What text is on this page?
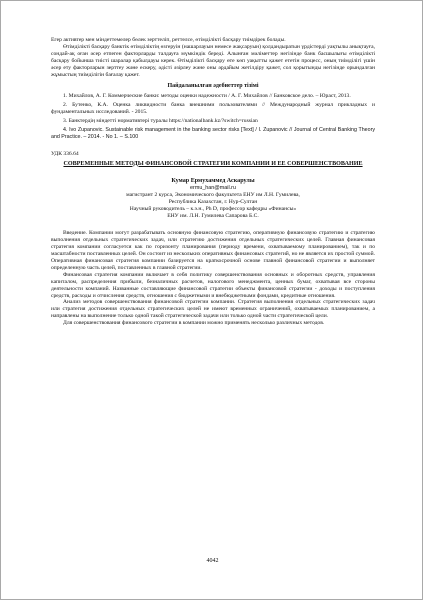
Егер активтер мен міндеттемелер бөлек зерттеліп, реттелсе, өтімділікті басқару тиімдірек болады.

Өтімділікті басқару банктік өтімділіктің өзгеруін (нашарлауын немесе жақсаруын) қолдандыратын үрдістерді уақтылы анықтауға, сондай-ақ оған әсер етпеген факторларды талдауға мүмкіндік береді. Алынған мәліметтер негізінде банк басшылығы өтімділікті басқару бойынша тиісті шаралар қабылдауы керек. Өтімділікті басқару өте көп уақытты қажет ететін процесс, оның тиімділігі үшін әсер ету факторларын зерттеу және ескеру, әдісті әзірлеу және оны әрдайым жетілдіру қажет, сол қорытынды негізінде орындалған жұмыстың тиімділігін бағалау қажет.

Пайдаланылған әдебиеттер тізімі

1. Михайлов, А. Г. Коммерческие банки: методы оценки надежности / А. Г. Михайлов // Банковское дело. – Юраст, 2013.

2. Бутенко, К.А. Оценка ликвидности банка внешними пользователями // Международный журнал прикладных и фундаментальных исследований. - 2015.

3. Банктердің міндетті нормативтері туралы https://nationalbank.kz/?switch=russian

4. Ivo Zupanovic. Sustainable risk management in the banking sector risks [Text] / I. Zupanovic // Journal of Central Banking Theory and Practice. – 2014. - No 1. – S.100

УДК 336.64

СОВРЕМЕННЫЕ МЕТОДЫ ФИНАНСОВОЙ СТРАТЕГИИ КОМПАНИИ И ЕЕ СОВЕРШЕНСТВОВАНИЕ

Кумар Ермухаммед Аскарулы

ermu_han@mail.ru

магистрант 2 курса, Экономического факультета ЕНУ им Л.Н. Гумилева,

Республика Казахстан, г. Нур-Султан

Научный руководитель – к.э.н., Ph D, профессор кафедры «Финансы»

ЕНУ им. Л.Н. Гумилева Сапарова Б.С.

Введение. Компании могут разрабатывать основную финансовую стратегию, оперативную финансовую стратегию и стратегию выполнения отдельных стратегических задач, или стратегию достижения отдельных стратегических целей. Главная финансовая стратегия компании согласуется как по горизонту планирования (периоду времени, охватываемому планированием), так и по масштабности поставленных целей. Он состоит из нескольких оперативных финансовых стратегий, но не является их простой суммой. Оперативная финансовая стратегия компании базируется на краткосрочной основе главной финансовой стратегии и выполняет определенную часть целей, поставленных в главной стратегии.

Финансовая стратегия компании включает в себя политику совершенствования основных и оборотных средств, управления капиталом, распределения прибыли, безналичных расчетов, налогового менеджмента, ценных бумаг, охватывая все стороны деятельности компаний. Названные составляющие финансовой стратегии объекты финансовой стратегии - доходы и поступления средств, расходы и отчисления средств, отношения с бюджетными и внебюджетными фондами, кредитные отношения.

Анализ методов совершенствования финансовой стратегии компании. Стратегия выполнения отдельных стратегических задач или стратегия достижения отдельных стратегических целей не имеют временных ограничений, охватываемых планированием, а направлены на выполнение только одной такой стратегической задачи или только одной части стратегической цели.

Для совершенствования финансового стратегии в компании можно применять несколько различных методов.

4042
